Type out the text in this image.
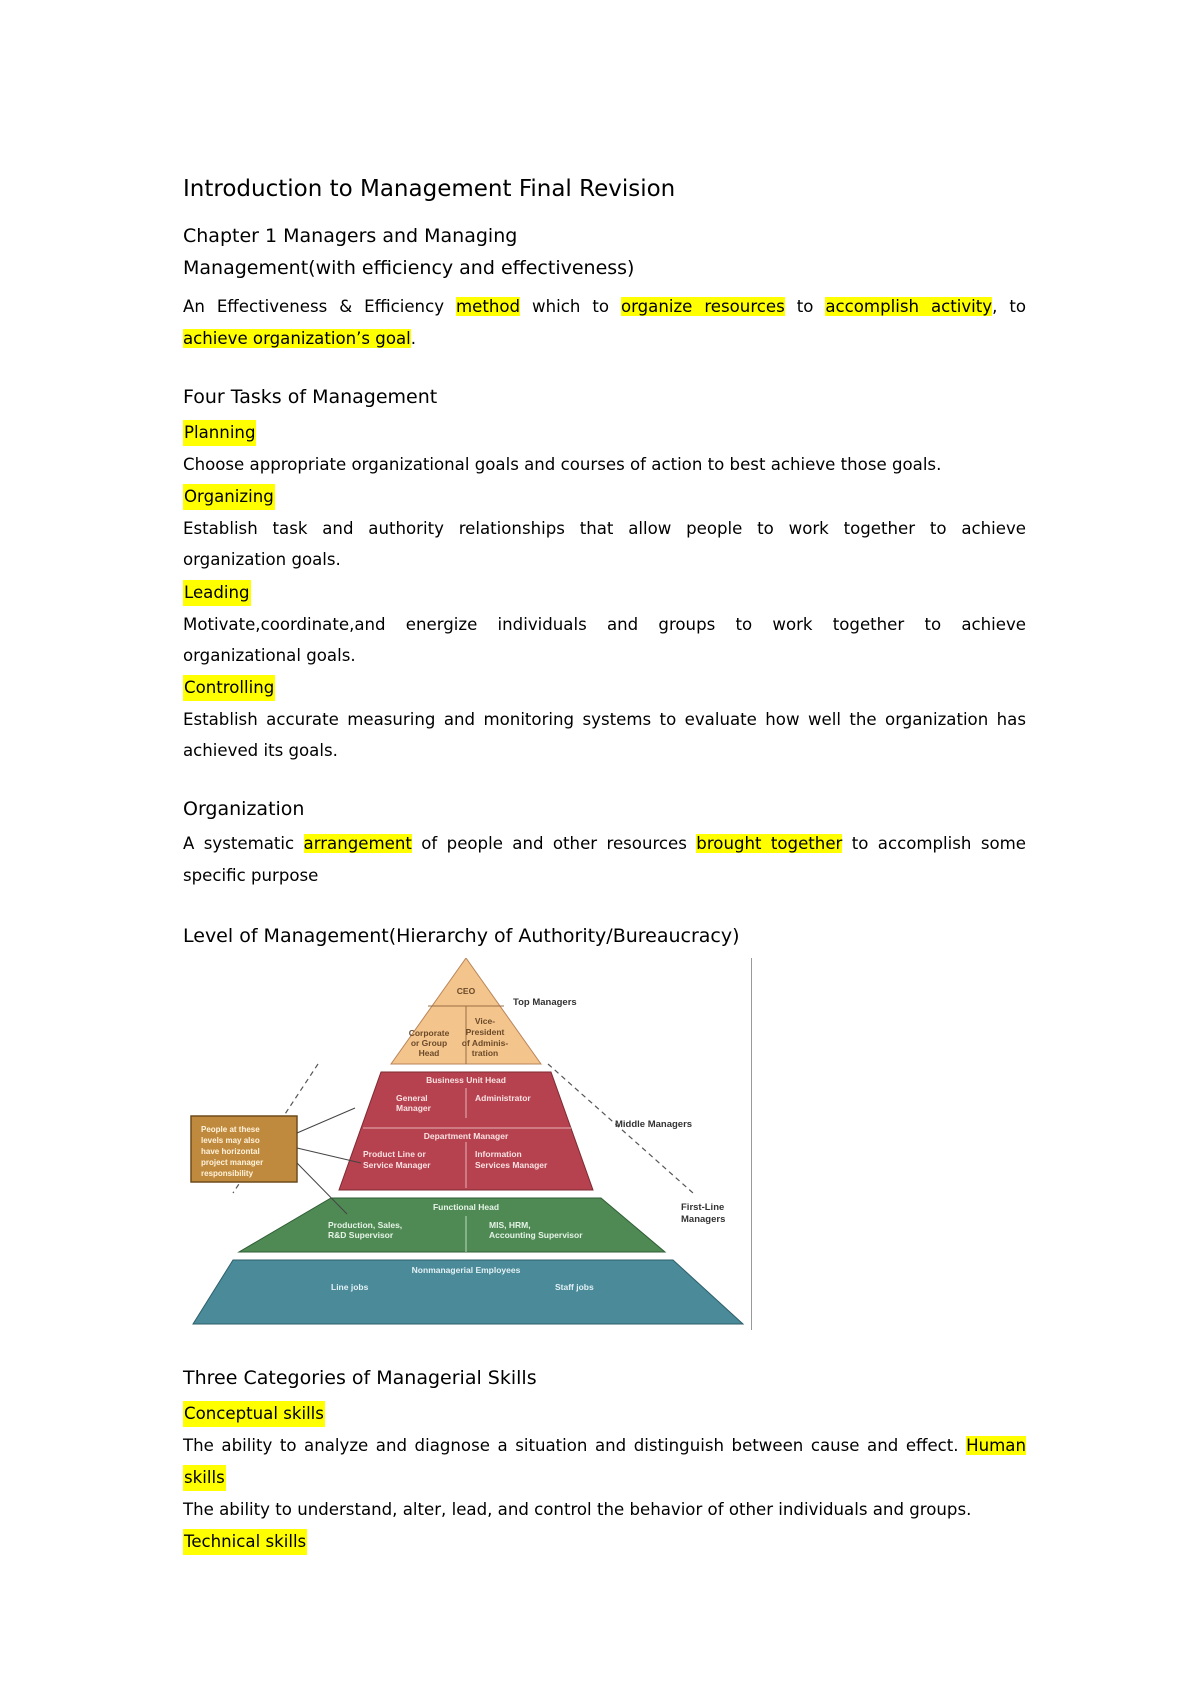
Introduction to Management Final Revision
Chapter 1 Managers and Managing
Management(with efficiency and effectiveness)
An Effectiveness & Efficiency method which to organize resources to accomplish activity, to
achieve organization’s goal.
Four Tasks of Management
Planning
Choose appropriate organizational goals and courses of action to best achieve those goals.
Organizing
Establish task and authority relationships that allow people to work together to achieve
organization goals.
Leading
Motivate,coordinate,and energize individuals and groups to work together to achieve
organizational goals.
Controlling
Establish accurate measuring and monitoring systems to evaluate how well the organization has
achieved its goals.
Organization
A systematic arrangement of people and other resources brought together to accomplish some
specific purpose
Level of Management(Hierarchy of Authority/Bureaucracy)
CEO
Corporate
or Group
Head
Vice-
President
of Adminis-
tration
Top Managers
Business Unit Head
General
Manager
Administrator
Department Manager
Product Line or
Service Manager
Information
Services Manager
Middle Managers
Functional Head
Production, Sales,
R&D Supervisor
MIS, HRM,
Accounting Supervisor
First-Line
Managers
Nonmanagerial Employees
Line jobs	Staff jobs
People at these
levels may also
have horizontal
project manager
responsibility
Three Categories of Managerial Skills
Conceptual skills
The ability to analyze and diagnose a situation and distinguish between cause and effect. Human
skills
The ability to understand, alter, lead, and control the behavior of other individuals and groups.
Technical skills
